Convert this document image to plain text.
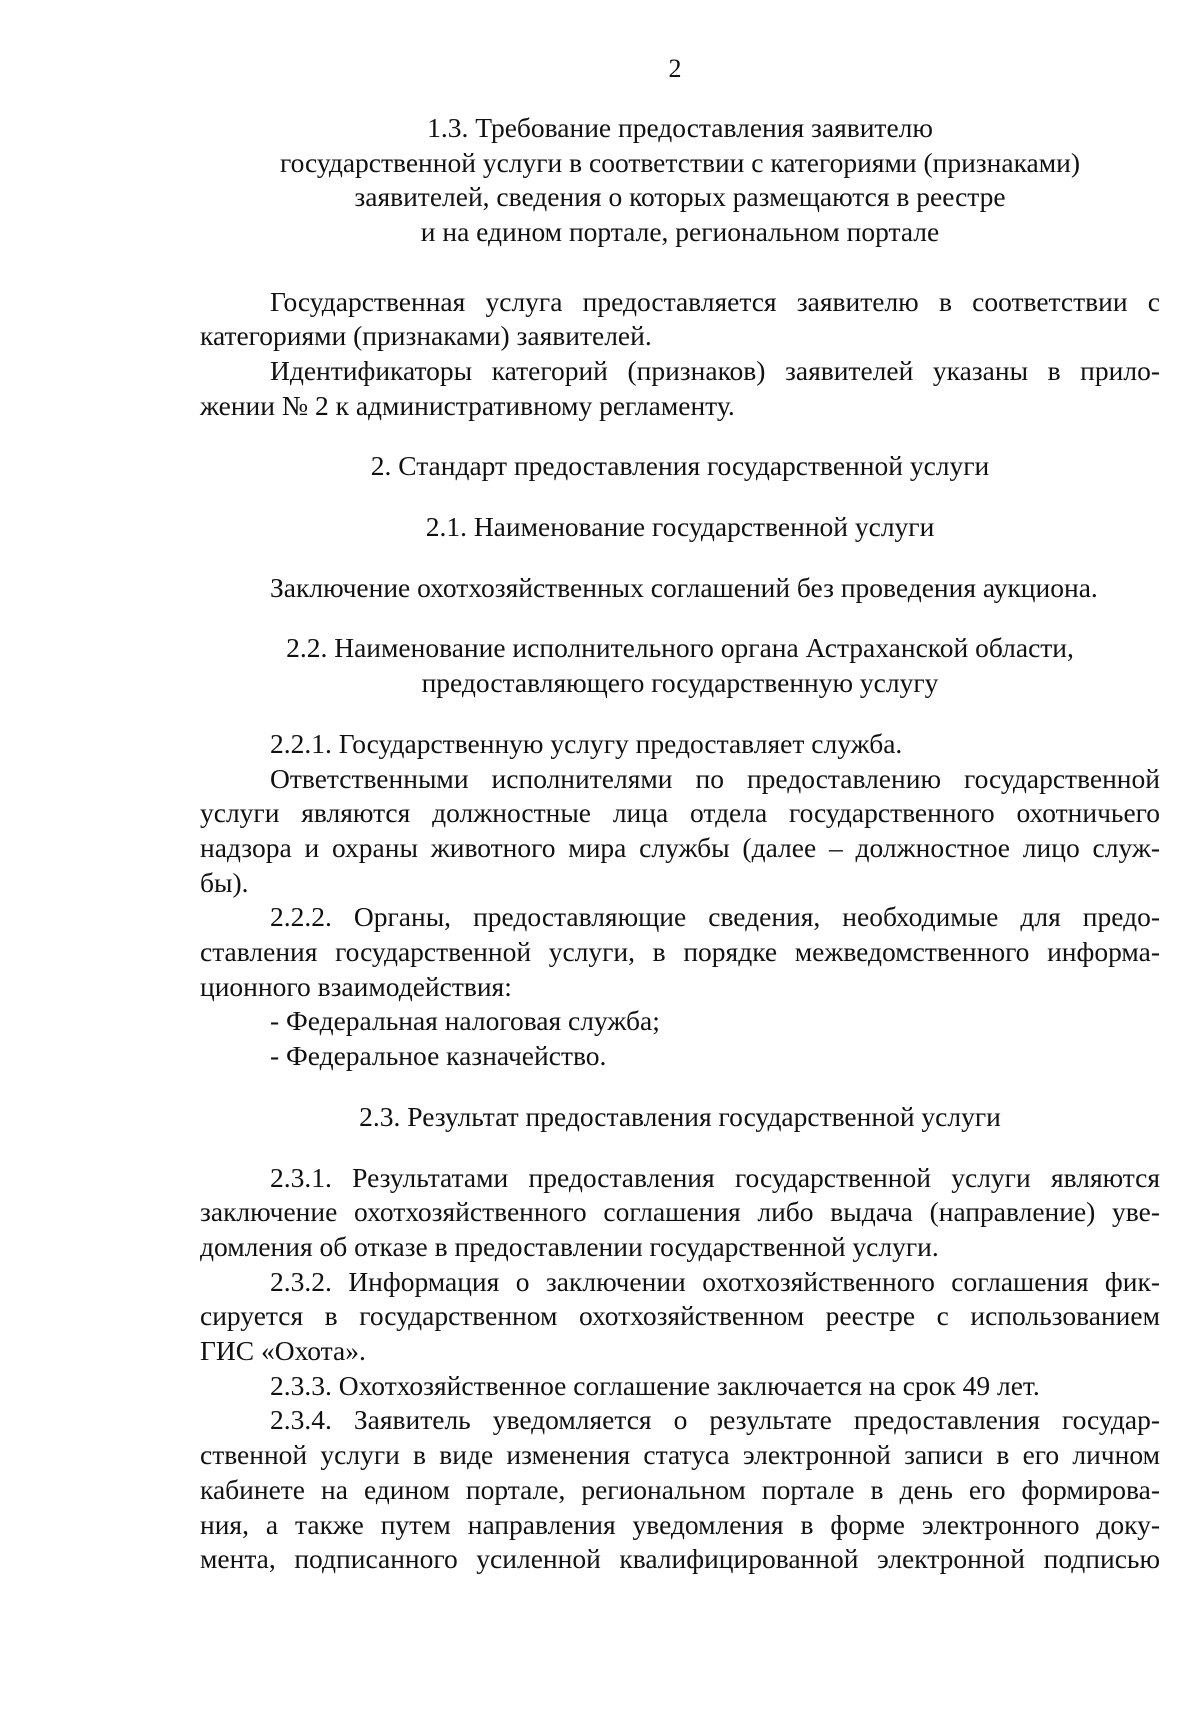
2
1.3. Требование предоставления заявителю
государственной услуги в соответствии с категориями (признаками)
заявителей, сведения о которых размещаются в реестре
и на едином портале, региональном портале
Государственная услуга предоставляется заявителю в соответствии с
категориями (признаками) заявителей.
Идентификаторы категорий (признаков) заявителей указаны в прило-
жении № 2 к административному регламенту.
2. Стандарт предоставления государственной услуги
2.1. Наименование государственной услуги
Заключение охотхозяйственных соглашений без проведения аукциона.
2.2. Наименование исполнительного органа Астраханской области,
предоставляющего государственную услугу
2.2.1. Государственную услугу предоставляет служба.
Ответственными исполнителями по предоставлению государственной
услуги являются должностные лица отдела государственного охотничьего
надзора и охраны животного мира службы (далее – должностное лицо служ-
бы).
2.2.2. Органы, предоставляющие сведения, необходимые для предо-
ставления государственной услуги, в порядке межведомственного информа-
ционного взаимодействия:
- Федеральная налоговая служба;
- Федеральное казначейство.
2.3. Результат предоставления государственной услуги
2.3.1. Результатами предоставления государственной услуги являются
заключение охотхозяйственного соглашения либо выдача (направление) уве-
домления об отказе в предоставлении государственной услуги.
2.3.2. Информация о заключении охотхозяйственного соглашения фик-
сируется в государственном охотхозяйственном реестре с использованием
ГИС «Охота».
2.3.3. Охотхозяйственное соглашение заключается на срок 49 лет.
2.3.4. Заявитель уведомляется о результате предоставления государ-
ственной услуги в виде изменения статуса электронной записи в его личном
кабинете на едином портале, региональном портале в день его формирова-
ния, а также путем направления уведомления в форме электронного доку-
мента, подписанного усиленной квалифицированной электронной подписью
